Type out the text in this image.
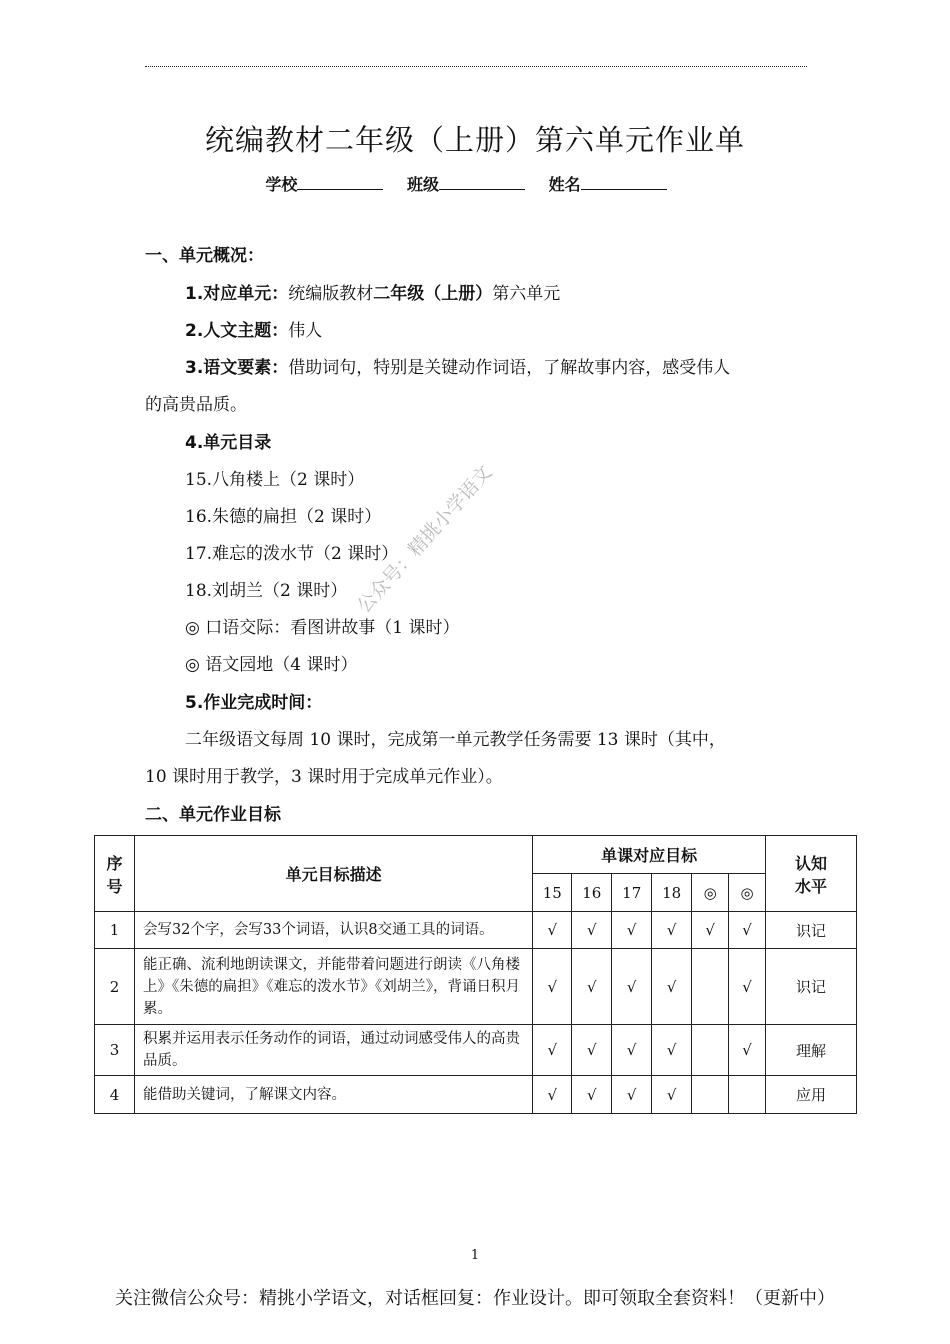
统编教材二年级（上册）第六单元作业单
学校	班级	姓名
一、单元概况：
1.对应单元：统编版教材二年级（上册）第六单元
2.人文主题：伟人
3.语文要素：借助词句，特别是关键动作词语，了解故事内容，感受伟人
的高贵品质。
4.单元目录
15.八角楼上（2 课时）
16.朱德的扁担（2 课时）
17.难忘的泼水节（2 课时）
18.刘胡兰（2 课时）
◎ 口语交际：看图讲故事（1 课时）
◎ 语文园地（4 课时）
5.作业完成时间：
二年级语文每周 10 课时，完成第一单元教学任务需要 13 课时（其中，
10 课时用于教学，3 课时用于完成单元作业）。
二、单元作业目标
公众号：精挑小学语文
序
号	单元目标描述	单课对应目标						认知
水平
		15	16	17	18	◎	◎	
1	会写32个字，会写33个词语，认识8交通工具的词语。	√	√	√	√	√	√	识记
2	能正确、流利地朗读课文，并能带着问题进行朗读《八角楼上》《朱德的扁担》《难忘的泼水节》《刘胡兰》，背诵日积月累。	√	√	√	√		√	识记
3	积累并运用表示任务动作的词语，通过动词感受伟人的高贵品质。	√	√	√	√		√	理解
4	能借助关键词，了解课文内容。	√	√	√	√			应用
1
关注微信公众号：精挑小学语文，对话框回复：作业设计。即可领取全套资料！（更新中）
